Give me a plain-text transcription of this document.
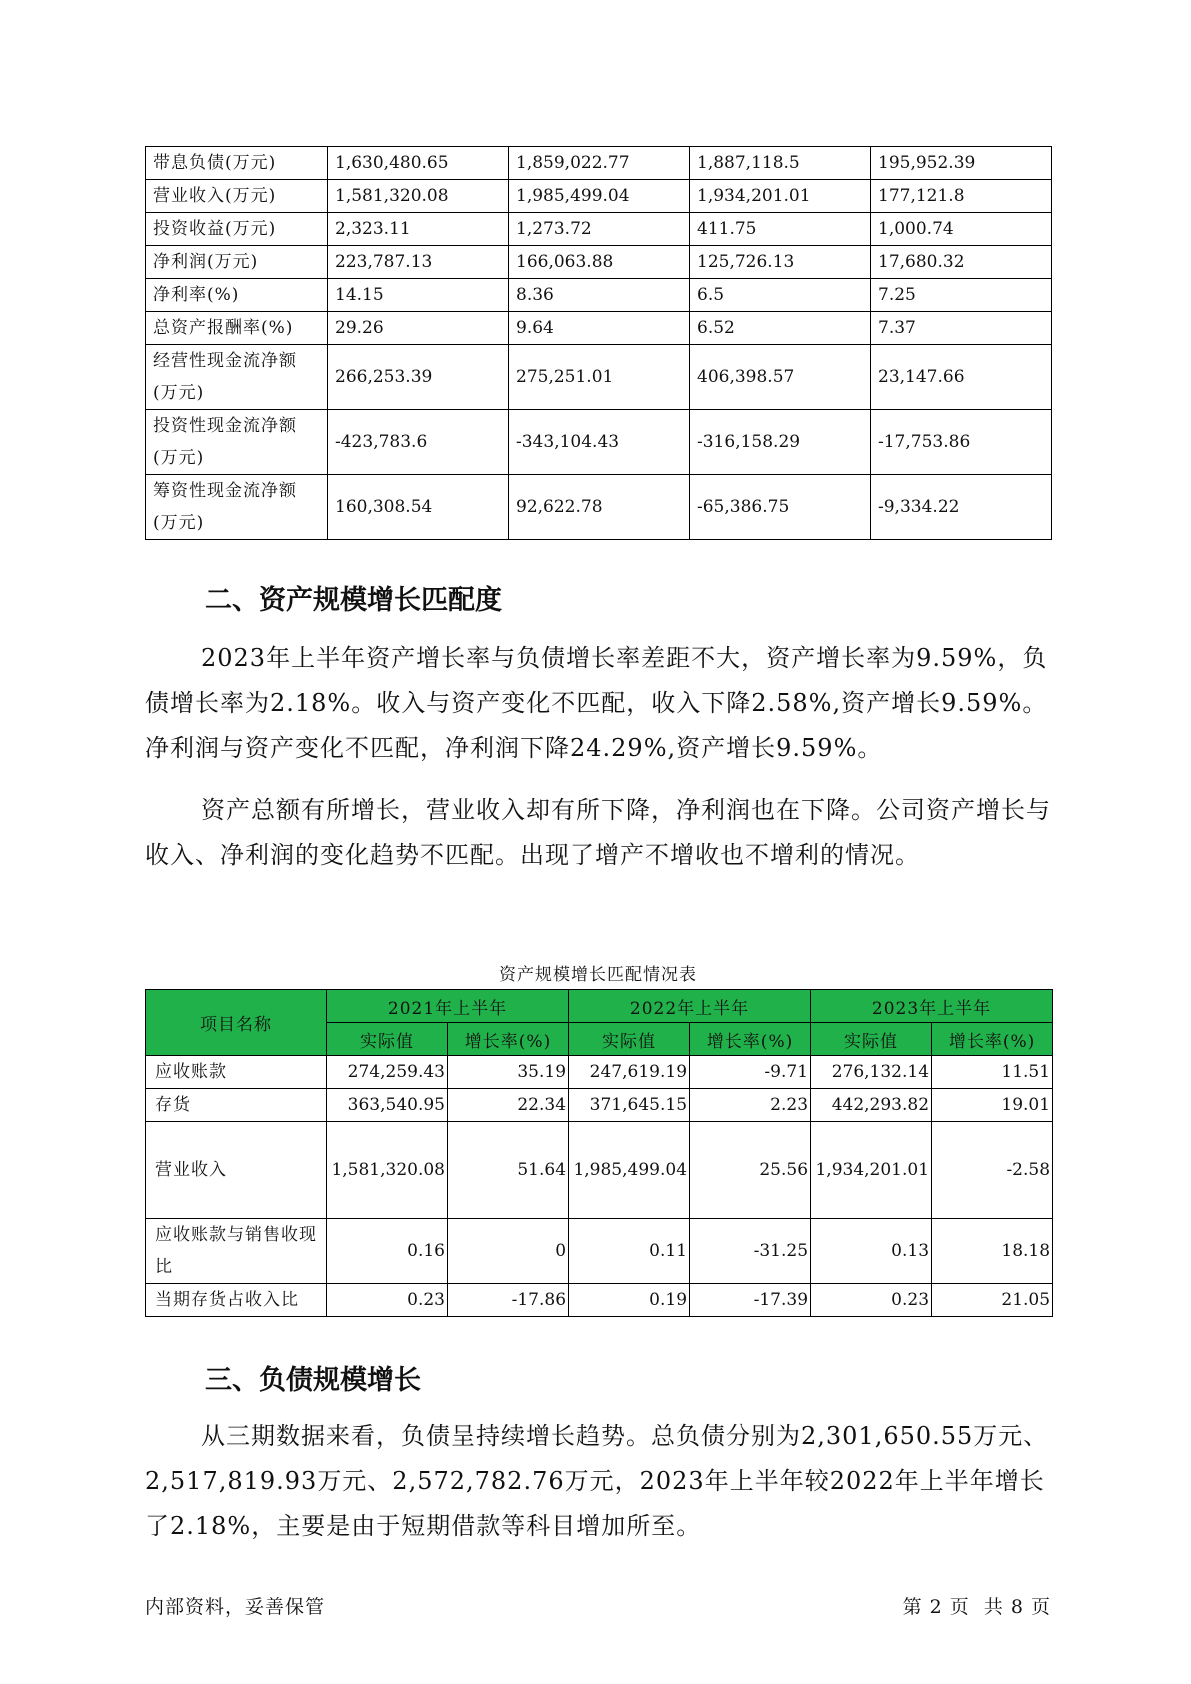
带息负债(万元)	1,630,480.65	1,859,022.77	1,887,118.5	195,952.39
营业收入(万元)	1,581,320.08	1,985,499.04	1,934,201.01	177,121.8
投资收益(万元)	2,323.11	1,273.72	411.75	1,000.74
净利润(万元)	223,787.13	166,063.88	125,726.13	17,680.32
净利率(%)	14.15	8.36	6.5	7.25
总资产报酬率(%)	29.26	9.64	6.52	7.37
经营性现金流净额(万元)	266,253.39	275,251.01	406,398.57	23,147.66
投资性现金流净额(万元)	-423,783.6	-343,104.43	-316,158.29	-17,753.86
筹资性现金流净额(万元)	160,308.54	92,622.78	-65,386.75	-9,334.22
二、资产规模增长匹配度
2023年上半年资产增长率与负债增长率差距不大，资产增长率为9.59%，负债增长率为2.18%。收入与资产变化不匹配，收入下降2.58%,资产增长9.59%。净利润与资产变化不匹配，净利润下降24.29%,资产增长9.59%。
资产总额有所增长，营业收入却有所下降，净利润也在下降。公司资产增长与收入、净利润的变化趋势不匹配。出现了增产不增收也不增利的情况。
资产规模增长匹配情况表
项目名称	2021年上半年		2022年上半年		2023年上半年	
	实际值	增长率(%)	实际值	增长率(%)	实际值	增长率(%)
应收账款	274,259.43	35.19	247,619.19	-9.71	276,132.14	11.51
存货	363,540.95	22.34	371,645.15	2.23	442,293.82	19.01
营业收入	1,581,320.08	51.64	1,985,499.04	25.56	1,934,201.01	-2.58
应收账款与销售收现比	0.16	0	0.11	-31.25	0.13	18.18
当期存货占收入比	0.23	-17.86	0.19	-17.39	0.23	21.05
三、负债规模增长
从三期数据来看，负债呈持续增长趋势。总负债分别为2,301,650.55万元、2,517,819.93万元、2,572,782.76万元，2023年上半年较2022年上半年增长了2.18%，主要是由于短期借款等科目增加所至。
内部资料，妥善保管	第 2 页  共 8 页
